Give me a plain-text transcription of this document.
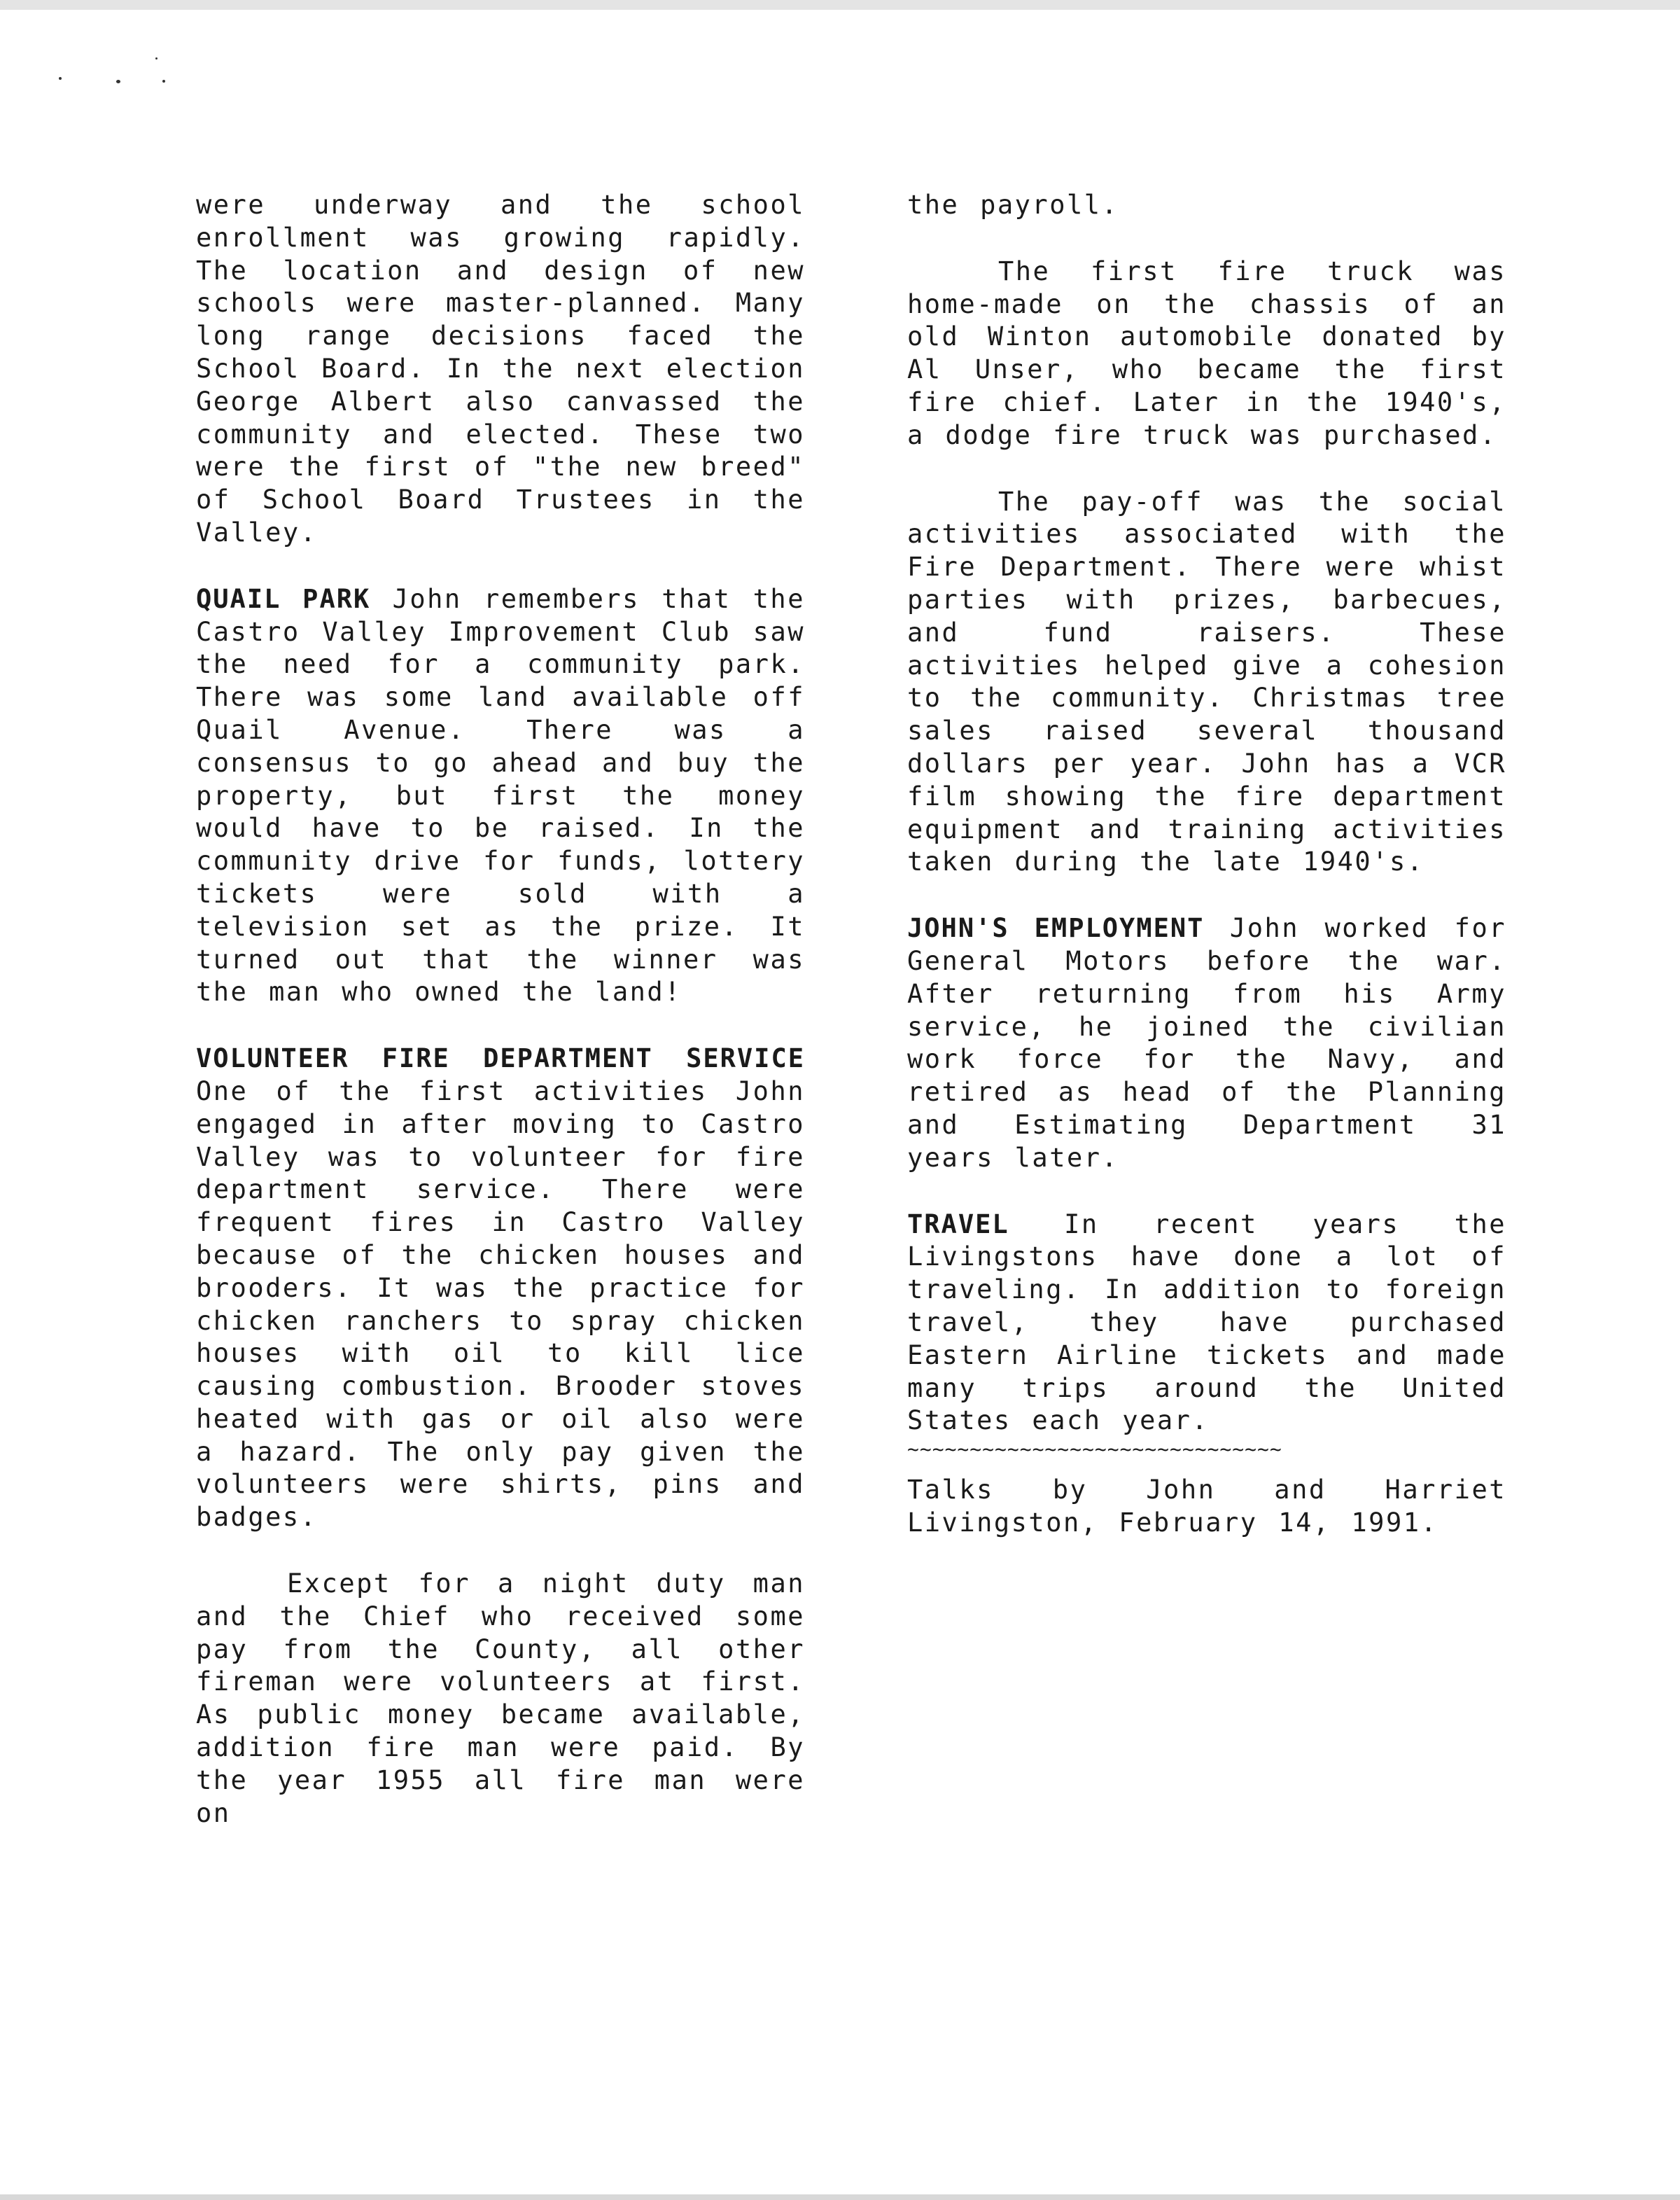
were underway and the school enrollment was growing rapidly. The location and design of new schools were master-planned. Many long range decisions faced the School Board. In the next election George Albert also canvassed the community and elected. These two were the first of "the new breed" of School Board Trustees in the Valley.

QUAIL PARK John remembers that the Castro Valley Improvement Club saw the need for a community park. There was some land available off Quail Avenue. There was a consensus to go ahead and buy the property, but first the money would have to be raised. In the community drive for funds, lottery tickets were sold with a television set as the prize. It turned out that the winner was the man who owned the land!

VOLUNTEER FIRE DEPARTMENT SERVICE One of the first activities John engaged in after moving to Castro Valley was to volunteer for fire department service. There were frequent fires in Castro Valley because of the chicken houses and brooders. It was the practice for chicken ranchers to spray chicken houses with oil to kill lice causing combustion. Brooder stoves heated with gas or oil also were a hazard. The only pay given the volunteers were shirts, pins and badges.

Except for a night duty man and the Chief who received some pay from the County, all other fireman were volunteers at first. As public money became available, addition fire man were paid. By the year 1955 all fire man were on

the payroll.

The first fire truck was home-made on the chassis of an old Winton automobile donated by Al Unser, who became the first fire chief. Later in the 1940's, a dodge fire truck was purchased.

The pay-off was the social activities associated with the Fire Department. There were whist parties with prizes, barbecues, and fund raisers. These activities helped give a cohesion to the community. Christmas tree sales raised several thousand dollars per year. John has a VCR film showing the fire department equipment and training activities taken during the late 1940's.

JOHN'S EMPLOYMENT John worked for General Motors before the war. After returning from his Army service, he joined the civilian work force for the Navy, and retired as head of the Planning and Estimating Department 31 years later.

TRAVEL In recent years the Livingstons have done a lot of traveling. In addition to foreign travel, they have purchased Eastern Airline tickets and made many trips around the United States each year.

~~~~~~~~~~~~~~~~~~~~~~~~~~~~~~

Talks by John and Harriet Livingston, February 14, 1991.
